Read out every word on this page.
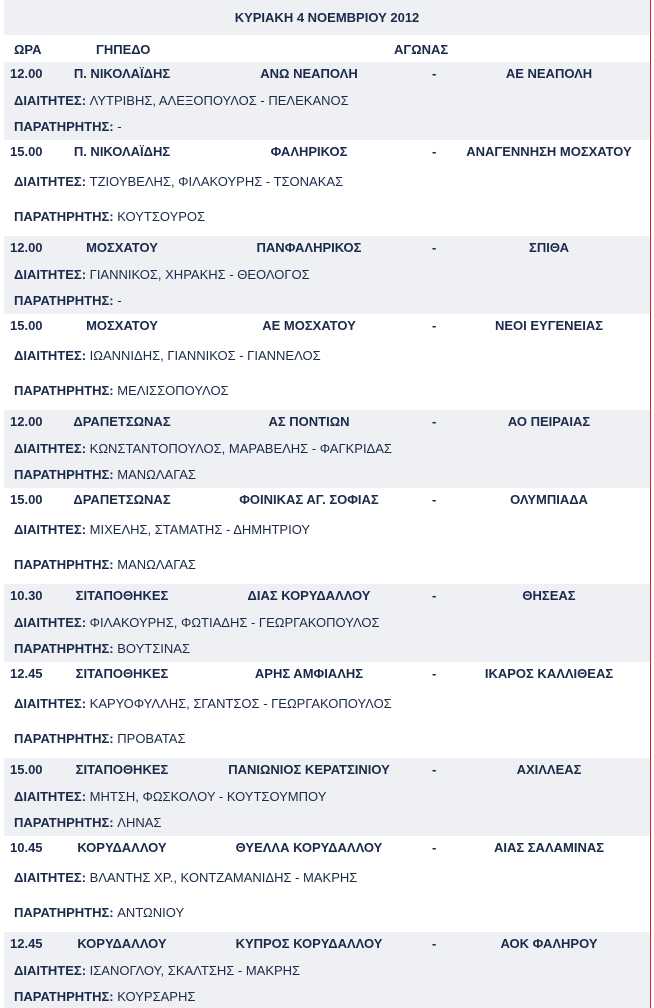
ΚΥΡΙΑΚΗ 4 ΝΟΕΜΒΡΙΟΥ 2012
ΩΡΑ	ΓΗΠΕΔΟ	ΑΓΩΝΑΣ
12.00	Π. ΝΙΚΟΛΑΪΔΗΣ	ΑΝΩ ΝΕΑΠΟΛΗ	-	ΑΕ ΝΕΑΠΟΛΗ
ΔΙΑΙΤΗΤΕΣ: ΛΥΤΡΙΒΗΣ, ΑΛΕΞΟΠΟΥΛΟΣ - ΠΕΛΕΚΑΝΟΣ
ΠΑΡΑΤΗΡΗΤΗΣ: -
15.00	Π. ΝΙΚΟΛΑΪΔΗΣ	ΦΑΛΗΡΙΚΟΣ	-	ΑΝΑΓΕΝΝΗΣΗ ΜΟΣΧΑΤΟΥ
ΔΙΑΙΤΗΤΕΣ: ΤΖΙΟΥΒΕΛΗΣ, ΦΙΛΑΚΟΥΡΗΣ - ΤΣΟΝΑΚΑΣ
ΠΑΡΑΤΗΡΗΤΗΣ: ΚΟΥΤΣΟΥΡΟΣ
12.00	ΜΟΣΧΑΤΟΥ	ΠΑΝΦΑΛΗΡΙΚΟΣ	-	ΣΠΙΘΑ
ΔΙΑΙΤΗΤΕΣ: ΓΙΑΝΝΙΚΟΣ, ΧΗΡΑΚΗΣ - ΘΕΟΛΟΓΟΣ
ΠΑΡΑΤΗΡΗΤΗΣ: -
15.00	ΜΟΣΧΑΤΟΥ	ΑΕ ΜΟΣΧΑΤΟΥ	-	ΝΕΟΙ ΕΥΓΕΝΕΙΑΣ
ΔΙΑΙΤΗΤΕΣ: ΙΩΑΝΝΙΔΗΣ, ΓΙΑΝΝΙΚΟΣ - ΓΙΑΝΝΕΛΟΣ
ΠΑΡΑΤΗΡΗΤΗΣ: ΜΕΛΙΣΣΟΠΟΥΛΟΣ
12.00	ΔΡΑΠΕΤΣΩΝΑΣ	ΑΣ ΠΟΝΤΙΩΝ	-	ΑΟ ΠΕΙΡΑΙΑΣ
ΔΙΑΙΤΗΤΕΣ: ΚΩΝΣΤΑΝΤΟΠΟΥΛΟΣ, ΜΑΡΑΒΕΛΗΣ - ΦΑΓΚΡΙΔΑΣ
ΠΑΡΑΤΗΡΗΤΗΣ: ΜΑΝΩΛΑΓΑΣ
15.00	ΔΡΑΠΕΤΣΩΝΑΣ	ΦΟΙΝΙΚΑΣ ΑΓ. ΣΟΦΙΑΣ	-	ΟΛΥΜΠΙΑΔΑ
ΔΙΑΙΤΗΤΕΣ: ΜΙΧΕΛΗΣ, ΣΤΑΜΑΤΗΣ - ΔΗΜΗΤΡΙΟΥ
ΠΑΡΑΤΗΡΗΤΗΣ: ΜΑΝΩΛΑΓΑΣ
10.30	ΣΙΤΑΠΟΘΗΚΕΣ	ΔΙΑΣ ΚΟΡΥΔΑΛΛΟΥ	-	ΘΗΣΕΑΣ
ΔΙΑΙΤΗΤΕΣ: ΦΙΛΑΚΟΥΡΗΣ, ΦΩΤΙΑΔΗΣ - ΓΕΩΡΓΑΚΟΠΟΥΛΟΣ
ΠΑΡΑΤΗΡΗΤΗΣ: ΒΟΥΤΣΙΝΑΣ
12.45	ΣΙΤΑΠΟΘΗΚΕΣ	ΑΡΗΣ ΑΜΦΙΑΛΗΣ	-	ΙΚΑΡΟΣ ΚΑΛΛΙΘΕΑΣ
ΔΙΑΙΤΗΤΕΣ: ΚΑΡΥΟΦΥΛΛΗΣ, ΣΓΑΝΤΣΟΣ - ΓΕΩΡΓΑΚΟΠΟΥΛΟΣ
ΠΑΡΑΤΗΡΗΤΗΣ: ΠΡΟΒΑΤΑΣ
15.00	ΣΙΤΑΠΟΘΗΚΕΣ	ΠΑΝΙΩΝΙΟΣ ΚΕΡΑΤΣΙΝΙΟΥ	-	ΑΧΙΛΛΕΑΣ
ΔΙΑΙΤΗΤΕΣ: ΜΗΤΣΗ, ΦΩΣΚΟΛΟΥ - ΚΟΥΤΣΟΥΜΠΟΥ
ΠΑΡΑΤΗΡΗΤΗΣ: ΛΗΝΑΣ
10.45	ΚΟΡΥΔΑΛΛΟΥ	ΘΥΕΛΛΑ ΚΟΡΥΔΑΛΛΟΥ	-	ΑΙΑΣ ΣΑΛΑΜΙΝΑΣ
ΔΙΑΙΤΗΤΕΣ: ΒΛΑΝΤΗΣ ΧΡ., ΚΟΝΤΖΑΜΑΝΙΔΗΣ - ΜΑΚΡΗΣ
ΠΑΡΑΤΗΡΗΤΗΣ: ΑΝΤΩΝΙΟΥ
12.45	ΚΟΡΥΔΑΛΛΟΥ	ΚΥΠΡΟΣ ΚΟΡΥΔΑΛΛΟΥ	-	ΑΟΚ ΦΑΛΗΡΟΥ
ΔΙΑΙΤΗΤΕΣ: ΙΣΑΝΟΓΛΟΥ, ΣΚΑΛΤΣΗΣ - ΜΑΚΡΗΣ
ΠΑΡΑΤΗΡΗΤΗΣ: ΚΟΥΡΣΑΡΗΣ
